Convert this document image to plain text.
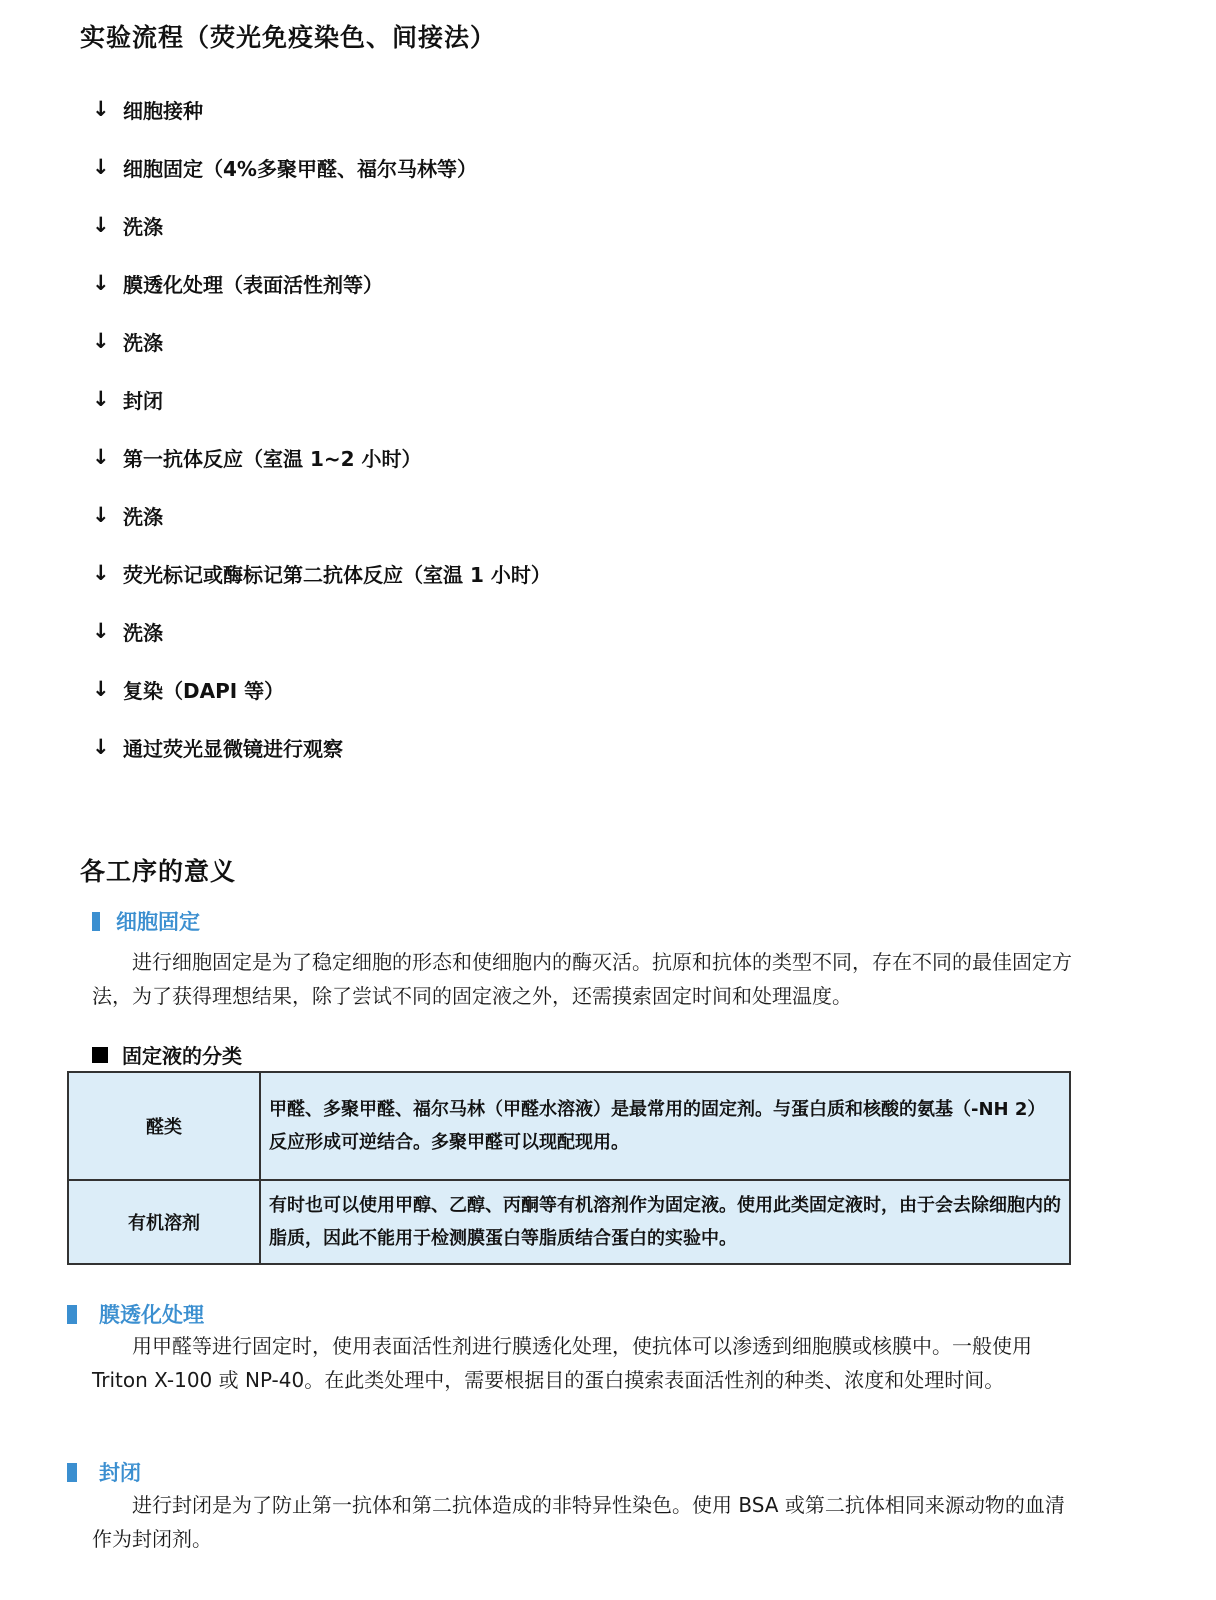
实验流程（荧光免疫染色、间接法）
↓ 细胞接种
↓ 细胞固定（4%多聚甲醛、福尔马林等）
↓ 洗涤
↓ 膜透化处理（表面活性剂等）
↓ 洗涤
↓ 封闭
↓ 第一抗体反应（室温 1~2 小时）
↓ 洗涤
↓ 荧光标记或酶标记第二抗体反应（室温 1 小时）
↓ 洗涤
↓ 复染（DAPI 等）
↓ 通过荧光显微镜进行观察
各工序的意义
细胞固定

进行细胞固定是为了稳定细胞的形态和使细胞内的酶灭活。抗原和抗体的类型不同，存在不同的最佳固定方法，为了获得理想结果，除了尝试不同的固定液之外，还需摸索固定时间和处理温度。

固定液的分类
醛类	甲醛、多聚甲醛、福尔马林（甲醛水溶液）是最常用的固定剂。与蛋白质和核酸的氨基（-NH 2）反应形成可逆结合。多聚甲醛可以现配现用。
有机溶剂	有时也可以使用甲醇、乙醇、丙酮等有机溶剂作为固定液。使用此类固定液时，由于会去除细胞内的脂质，因此不能用于检测膜蛋白等脂质结合蛋白的实验中。
膜透化处理

用甲醛等进行固定时，使用表面活性剂进行膜透化处理，使抗体可以渗透到细胞膜或核膜中。一般使用 Triton X-100 或 NP-40。在此类处理中，需要根据目的蛋白摸索表面活性剂的种类、浓度和处理时间。

封闭

进行封闭是为了防止第一抗体和第二抗体造成的非特异性染色。使用 BSA 或第二抗体相同来源动物的血清作为封闭剂。
